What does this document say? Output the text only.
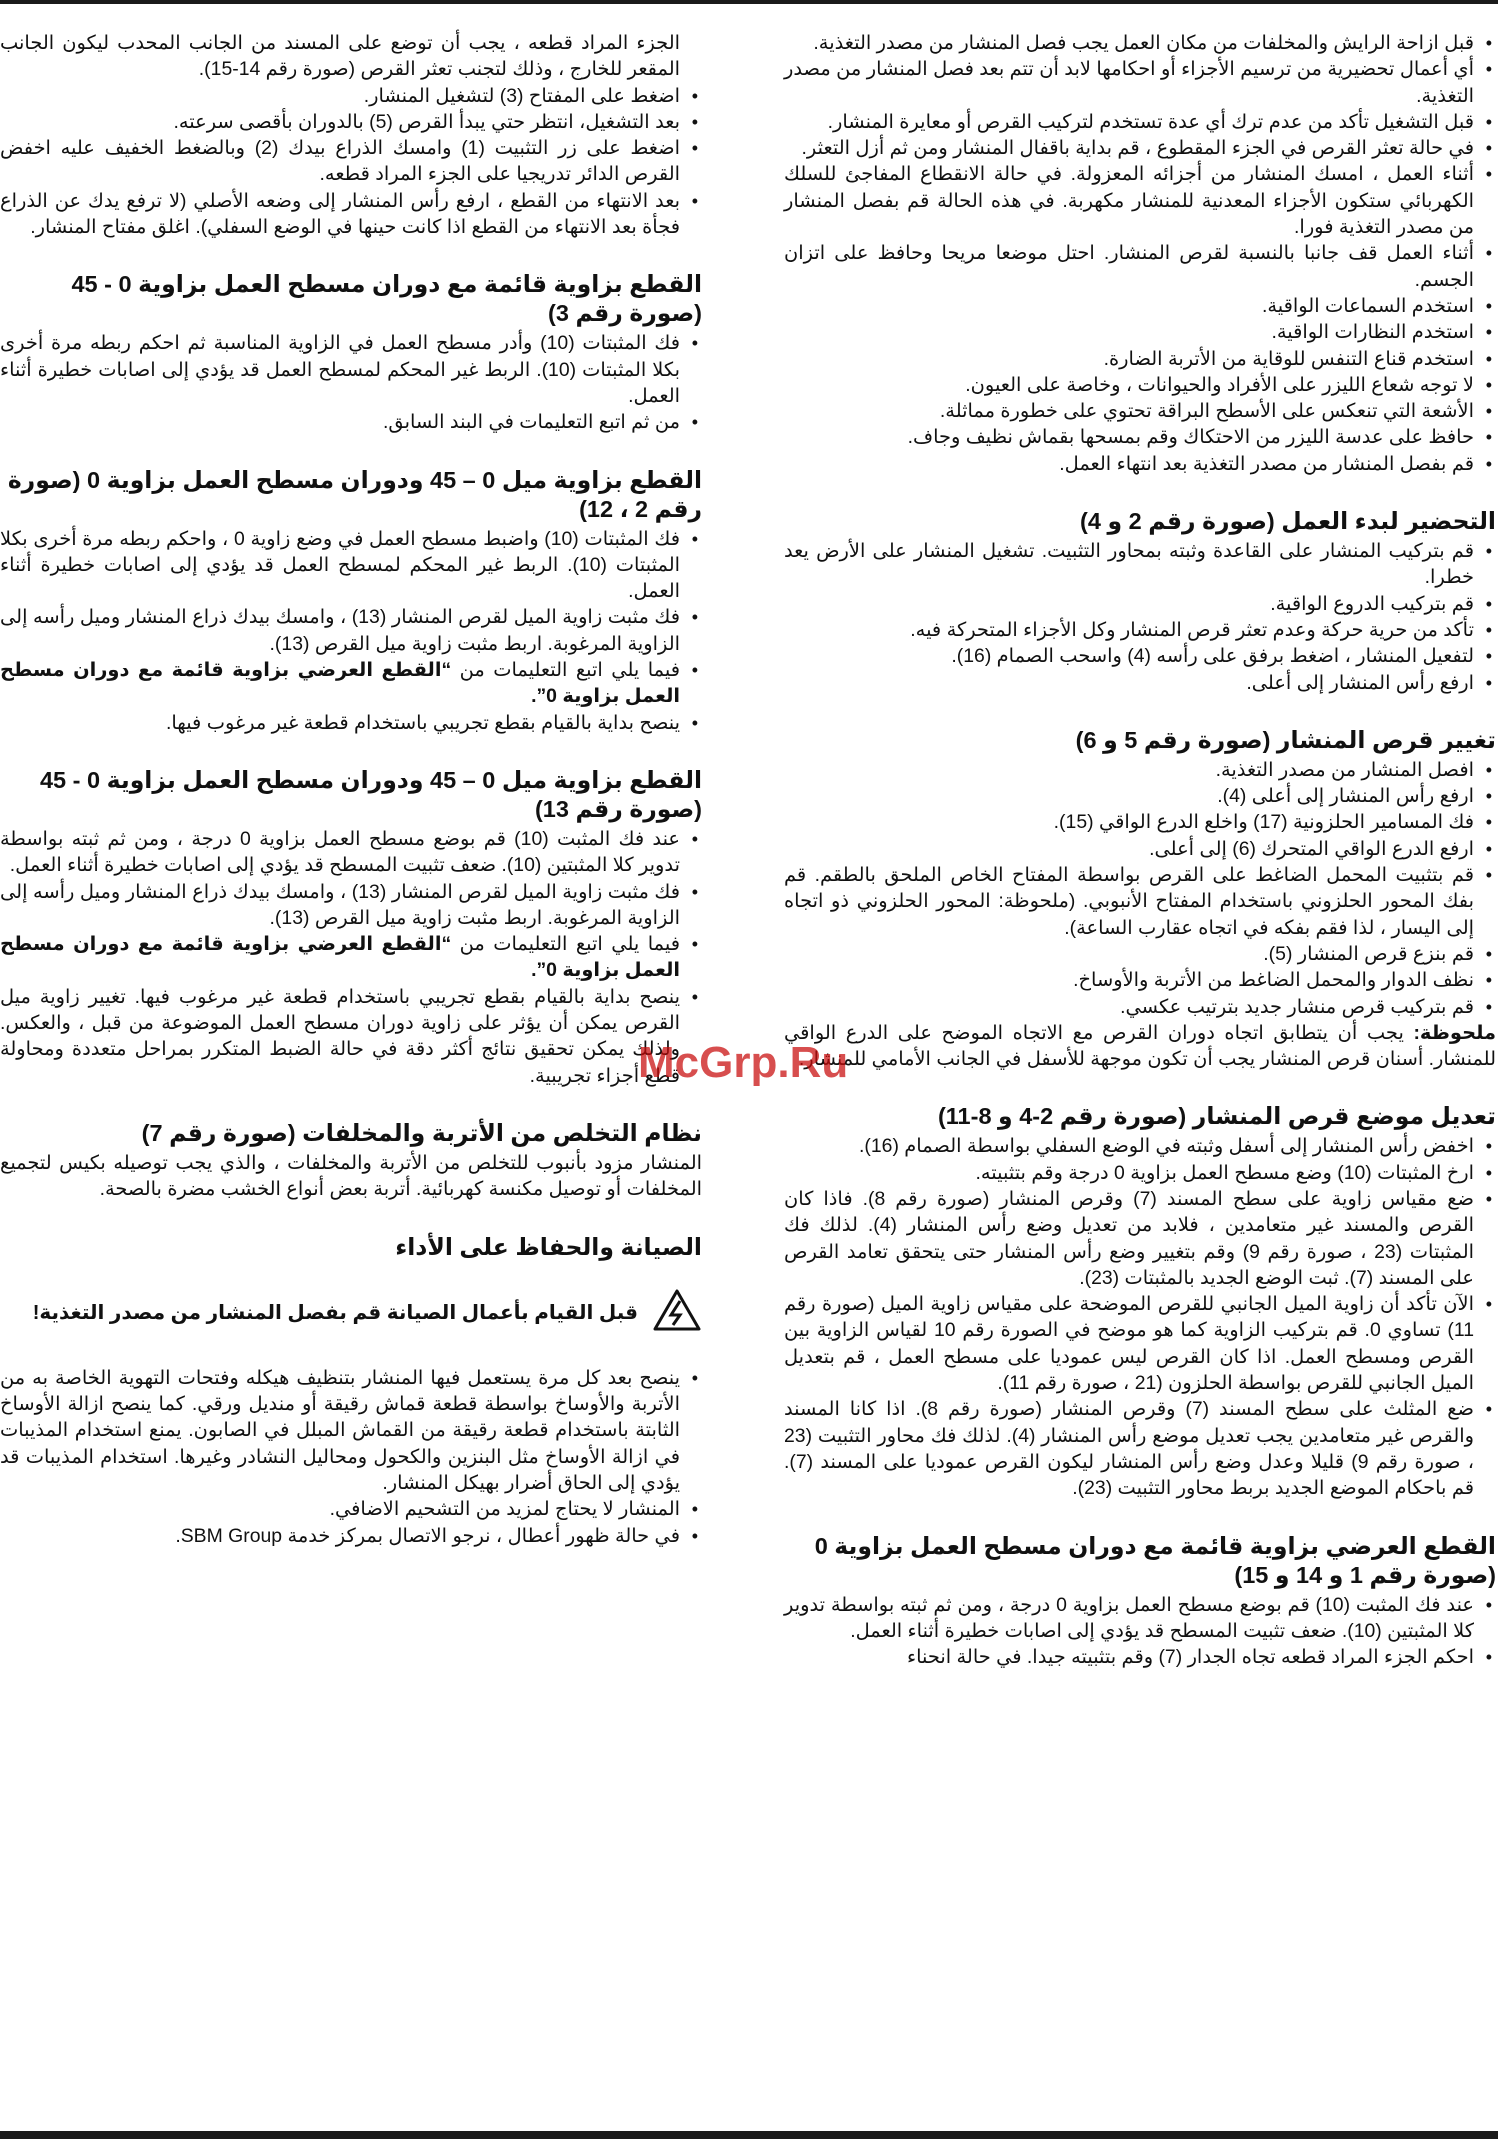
• قبل ازاحة الرايش والمخلفات من مكان العمل يجب فصل المنشار من مصدر التغذية.
• أي أعمال تحضيرية من ترسيم الأجزاء أو احكامها لابد أن تتم بعد فصل المنشار من مصدر التغذية.
• قبل التشغيل تأكد من عدم ترك أي عدة تستخدم لتركيب القرص أو معايرة المنشار.
• في حالة تعثر القرص في الجزء المقطوع ، قم بداية باقفال المنشار ومن ثم أزل التعثر.
• أثناء العمل ، امسك المنشار من أجزائه المعزولة. في حالة الانقطاع المفاجئ للسلك الكهربائي ستكون الأجزاء المعدنية للمنشار مكهربة. في هذه الحالة قم بفصل المنشار من مصدر التغذية فورا.
• أثناء العمل قف جانبا بالنسبة لقرص المنشار. احتل موضعا مريحا وحافظ على اتزان الجسم.
• استخدم السماعات الواقية.
• استخدم النظارات الواقية.
• استخدم قناع التنفس للوقاية من الأتربة الضارة.
• لا توجه شعاع الليزر على الأفراد والحيوانات ، وخاصة على العيون.
• الأشعة التي تنعكس على الأسطح البراقة تحتوي على خطورة مماثلة.
• حافظ على عدسة الليزر من الاحتكاك وقم بمسحها بقماش نظيف وجاف.
• قم بفصل المنشار من مصدر التغذية بعد انتهاء العمل.
التحضير لبدء العمل (صورة رقم 2 و 4)
• قم بتركيب المنشار على القاعدة وثبته بمحاور التثبيت. تشغيل المنشار على الأرض يعد خطرا.
• قم بتركيب الدروع الواقية.
• تأكد من حرية حركة وعدم تعثر قرص المنشار وكل الأجزاء المتحركة فيه.
• لتفعيل المنشار ، اضغط برفق على رأسه (4) واسحب الصمام (16).
• ارفع رأس المنشار إلى أعلى.
تغيير قرص المنشار (صورة رقم 5 و 6)
• افصل المنشار من مصدر التغذية.
• ارفع رأس المنشار إلى أعلى (4).
• فك المسامير الحلزونية (17) واخلع الدرع الواقي (15).
• ارفع الدرع الواقي المتحرك (6) إلى أعلى.
• قم بتثبيت المحمل الضاغط على القرص بواسطة المفتاح الخاص الملحق بالطقم. قم بفك المحور الحلزوني باستخدام المفتاح الأنبوبي. (ملحوظة: المحور الحلزوني ذو اتجاه إلى اليسار ، لذا فقم بفكه في اتجاه عقارب الساعة).
• قم بنزع قرص المنشار (5).
• نظف الدوار والمحمل الضاغط من الأتربة والأوساخ.
• قم بتركيب قرص منشار جديد بترتيب عكسي.

ملحوظة: يجب أن يتطابق اتجاه دوران القرص مع الاتجاه الموضح على الدرع الواقي للمنشار. أسنان قرص المنشار يجب أن تكون موجهة للأسفل في الجانب الأمامي للمنشار.

تعديل موضع قرص المنشار (صورة رقم 2-4 و 8-11)
• اخفض رأس المنشار إلى أسفل وثبته في الوضع السفلي بواسطة الصمام (16).
• ارخ المثبتات (10) وضع مسطح العمل بزاوية 0 درجة وقم بتثبيته.
• ضع مقياس زاوية على سطح المسند (7) وقرص المنشار (صورة رقم 8). فاذا كان القرص والمسند غير متعامدين ، فلابد من تعديل وضع رأس المنشار (4). لذلك فك المثبتات (23 ، صورة رقم 9) وقم بتغيير وضع رأس المنشار حتى يتحقق تعامد القرص على المسند (7). ثبت الوضع الجديد بالمثبتات (23).
• الآن تأكد أن زاوية الميل الجانبي للقرص الموضحة على مقياس زاوية الميل (صورة رقم 11) تساوي 0. قم بتركيب الزاوية كما هو موضح في الصورة رقم 10 لقياس الزاوية بين القرص ومسطح العمل. اذا كان القرص ليس عموديا على مسطح العمل ، قم بتعديل الميل الجانبي للقرص بواسطة الحلزون (21 ، صورة رقم 11).
• ضع المثلث على سطح المسند (7) وقرص المنشار (صورة رقم 8). اذا كانا المسند والقرص غير متعامدين يجب تعديل موضع رأس المنشار (4). لذلك فك محاور التثبيت (23 ، صورة رقم 9) قليلا وعدل وضع رأس المنشار ليكون القرص عموديا على المسند (7). قم باحكام الموضع الجديد بربط محاور التثبيت (23).
القطع العرضي بزاوية قائمة مع دوران مسطح العمل بزاوية 0 (صورة رقم 1 و 14 و 15)
• عند فك المثبت (10) قم بوضع مسطح العمل بزاوية 0 درجة ، ومن ثم ثبته بواسطة تدوير كلا المثبتين (10). ضعف تثبيت المسطح قد يؤدي إلى اصابات خطيرة أثناء العمل.
• احكم الجزء المراد قطعه تجاه الجدار (7) وقم بتثبيته جيدا. في حالة انحناء

الجزء المراد قطعه ، يجب أن توضع على المسند من الجانب المحدب ليكون الجانب المقعر للخارج ، وذلك لتجنب تعثر القرص (صورة رقم 14-15).

• اضغط على المفتاح (3) لتشغيل المنشار.
• بعد التشغيل، انتظر حتي يبدأ القرص (5) بالدوران بأقصى سرعته.
• اضغط على زر التثبيت (1) وامسك الذراع بيدك (2) وبالضغط الخفيف عليه اخفض القرص الدائر تدريجيا على الجزء المراد قطعه.
• بعد الانتهاء من القطع ، ارفع رأس المنشار إلى وضعه الأصلي (لا ترفع يدك عن الذراع فجأة بعد الانتهاء من القطع اذا كانت حينها في الوضع السفلي). اغلق مفتاح المنشار.
القطع بزاوية قائمة مع دوران مسطح العمل بزاوية 0 - 45 (صورة رقم 3)
• فك المثبتات (10) وأدر مسطح العمل في الزاوية المناسبة ثم احكم ربطه مرة أخرى بكلا المثبتات (10). الربط غير المحكم لمسطح العمل قد يؤدي إلى اصابات خطيرة أثناء العمل.
• من ثم اتبع التعليمات في البند السابق.
القطع بزاوية ميل 0 – 45 ودوران مسطح العمل بزاوية 0 (صورة رقم 2 ، 12)
• فك المثبتات (10) واضبط مسطح العمل في وضع زاوية 0 ، واحكم ربطه مرة أخرى بكلا المثبتات (10). الربط غير المحكم لمسطح العمل قد يؤدي إلى اصابات خطيرة أثناء العمل.
• فك مثبت زاوية الميل لقرص المنشار (13) ، وامسك بيدك ذراع المنشار وميل رأسه إلى الزاوية المرغوبة. اربط مثبت زاوية ميل القرص (13).
• فيما يلي اتبع التعليمات من “القطع العرضي بزاوية قائمة مع دوران مسطح العمل بزاوية 0”.
• ينصح بداية بالقيام بقطع تجريبي باستخدام قطعة غير مرغوب فيها.
القطع بزاوية ميل 0 – 45 ودوران مسطح العمل بزاوية 0 - 45 (صورة رقم 13)
• عند فك المثبت (10) قم بوضع مسطح العمل بزاوية 0 درجة ، ومن ثم ثبته بواسطة تدوير كلا المثبتين (10). ضعف تثبيت المسطح قد يؤدي إلى اصابات خطيرة أثناء العمل.
• فك مثبت زاوية الميل لقرص المنشار (13) ، وامسك بيدك ذراع المنشار وميل رأسه إلى الزاوية المرغوبة. اربط مثبت زاوية ميل القرص (13).
• فيما يلي اتبع التعليمات من “القطع العرضي بزاوية قائمة مع دوران مسطح العمل بزاوية 0”.
• ينصح بداية بالقيام بقطع تجريبي باستخدام قطعة غير مرغوب فيها. تغيير زاوية ميل القرص يمكن أن يؤثر على زاوية دوران مسطح العمل الموضوعة من قبل ، والعكس. ولذلك يمكن تحقيق نتائج أكثر دقة في حالة الضبط المتكرر بمراحل متعددة ومحاولة قطع أجزاء تجريبية.
نظام التخلص من الأتربة والمخلفات (صورة رقم 7)

المنشار مزود بأنبوب للتخلص من الأتربة والمخلفات ، والذي يجب توصيله بكيس لتجميع المخلفات أو توصيل مكنسة كهربائية. أتربة بعض أنواع الخشب مضرة بالصحة.

الصيانة والحفاظ على الأداء
قبل القيام بأعمال الصيانة قم بفصل المنشار من مصدر التغذية!
• ينصح بعد كل مرة يستعمل فيها المنشار بتنظيف هيكله وفتحات التهوية الخاصة به من الأتربة والأوساخ بواسطة قطعة قماش رقيقة أو منديل ورقي. كما ينصح ازالة الأوساخ الثابتة باستخدام قطعة رقيقة من القماش المبلل في الصابون. يمنع استخدام المذيبات في ازالة الأوساخ مثل البنزين والكحول ومحاليل النشادر وغيرها. استخدام المذيبات قد يؤدي إلى الحاق أضرار بهيكل المنشار.
• المنشار لا يحتاج لمزيد من التشحيم الاضافي.
• في حالة ظهور أعطال ، نرجو الاتصال بمركز خدمة SBM Group.
McGrp.Ru
